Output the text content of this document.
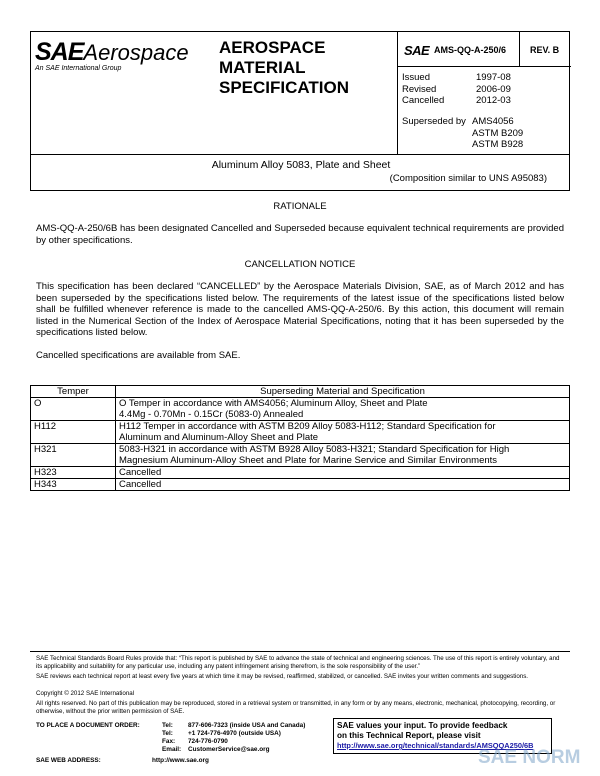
SAEAerospace
An SAE International Group
AEROSPACE
MATERIAL
SPECIFICATION
SAE AMS-QQ-A-250/6	REV. B
Issued	1997-08
Revised	2006-09
Cancelled	2012-03
Superseded by AMS4056
ASTM B209
ASTM B928
Aluminum Alloy 5083, Plate and Sheet
(Composition similar to UNS A95083)
RATIONALE
AMS-QQ-A-250/6B has been designated Cancelled and Superseded because equivalent technical requirements are provided by other specifications.
CANCELLATION NOTICE
This specification has been declared “CANCELLED” by the Aerospace Materials Division, SAE, as of March 2012 and has been superseded by the specifications listed below. The requirements of the latest issue of the specifications listed below shall be fulfilled whenever reference is made to the cancelled AMS-QQ-A-250/6. By this action, this document will remain listed in the Numerical Section of the Index of Aerospace Material Specifications, noting that it has been superseded by the specifications listed below.
Cancelled specifications are available from SAE.
Temper	Superseding Material and Specification
O	O Temper in accordance with AMS4056; Aluminum Alloy, Sheet and Plate
4.4Mg - 0.70Mn - 0.15Cr (5083-0) Annealed

H112	H112 Temper in accordance with ASTM B209 Alloy 5083-H112; Standard Specification for
Aluminum and Aluminum-Alloy Sheet and Plate

H321	5083-H321 in accordance with ASTM B928 Alloy 5083-H321; Standard Specification for High
Magnesium Aluminum-Alloy Sheet and Plate for Marine Service and Similar Environments

H323	Cancelled

H343	Cancelled
SAE Technical Standards Board Rules provide that: “This report is published by SAE to advance the state of technical and engineering sciences. The use of this report is entirely voluntary, and its applicability and suitability for any particular use, including any patent infringement arising therefrom, is the sole responsibility of the user.”
SAE reviews each technical report at least every five years at which time it may be revised, reaffirmed, stabilized, or cancelled. SAE invites your written comments and suggestions.
Copyright © 2012 SAE International
All rights reserved. No part of this publication may be reproduced, stored in a retrieval system or transmitted, in any form or by any means, electronic, mechanical, photocopying, recording, or otherwise, without the prior written permission of SAE.
TO PLACE A DOCUMENT ORDER:	Tel: 877-606-7323 (inside USA and Canada)
Tel: +1 724-776-4970 (outside USA)
Fax: 724-776-0790
Email: CustomerService@sae.org
SAE WEB ADDRESS:	http://www.sae.org
SAE values your input. To provide feedback
on this Technical Report, please visit
http://www.sae.org/technical/standards/AMSQQA250/6B
SAE NORM
